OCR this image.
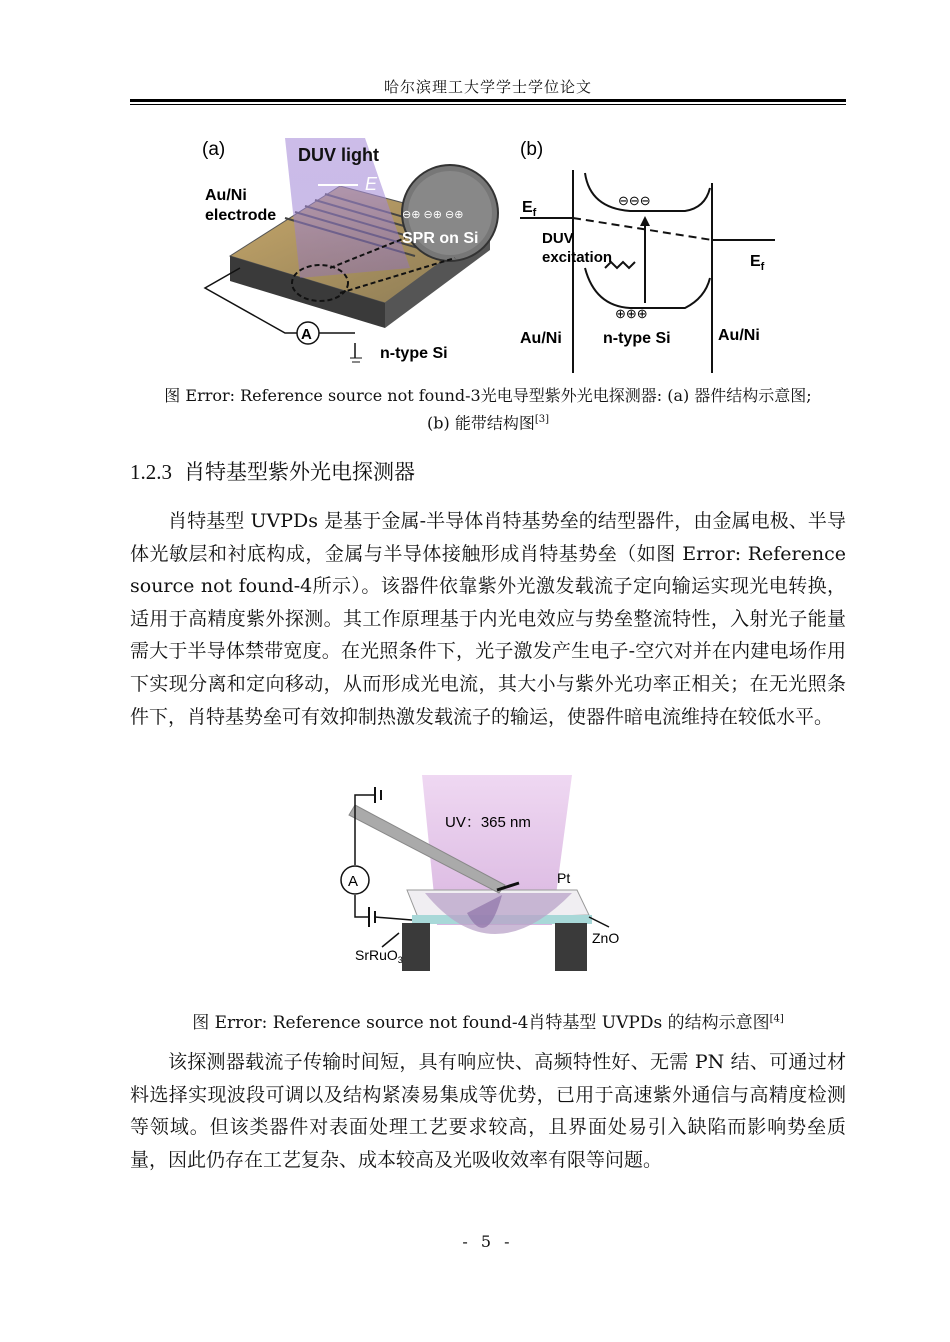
哈尔滨理工大学学士学位论文
(a)	DUV light
E
Au/Ni
electrode	⊖⊕ ⊖⊕ ⊖⊕
SPR on Si
A
n-type Si
(b)
$E_f$
$E_f$
⊖⊖⊖
⊕⊕⊕
DUV
excitation
Au/Ni	n-type Si	Au/Ni
图 Error: Reference source not found-3光电导型紫外光电探测器: (a) 器件结构示意图;
(b) 能带结构图[3]
1.2.3 肖特基型紫外光电探测器
肖特基型 UVPDs 是基于金属-半导体肖特基势垒的结型器件，由金属电极、半导体光敏层和衬底构成，金属与半导体接触形成肖特基势垒（如图 Error: Reference source not found-4所示）。该器件依靠紫外光激发载流子定向输运实现光电转换，适用于高精度紫外探测。其工作原理基于内光电效应与势垒整流特性，入射光子能量需大于半导体禁带宽度。在光照条件下，光子激发产生电子-空穴对并在内建电场作用下实现分离和定向移动，从而形成光电流，其大小与紫外光功率正相关；在无光照条件下，肖特基势垒可有效抑制热激发载流子的输运，使器件暗电流维持在较低水平。
UV：365 nm
Pt
A
SrRuO$_3$
ZnO
图 Error: Reference source not found-4肖特基型 UVPDs 的结构示意图[4]
该探测器载流子传输时间短，具有响应快、高频特性好、无需 PN 结、可通过材料选择实现波段可调以及结构紧凑易集成等优势，已用于高速紫外通信与高精度检测等领域。但该类器件对表面处理工艺要求较高，且界面处易引入缺陷而影响势垒质量，因此仍存在工艺复杂、成本较高及光吸收效率有限等问题。
- 5 -
